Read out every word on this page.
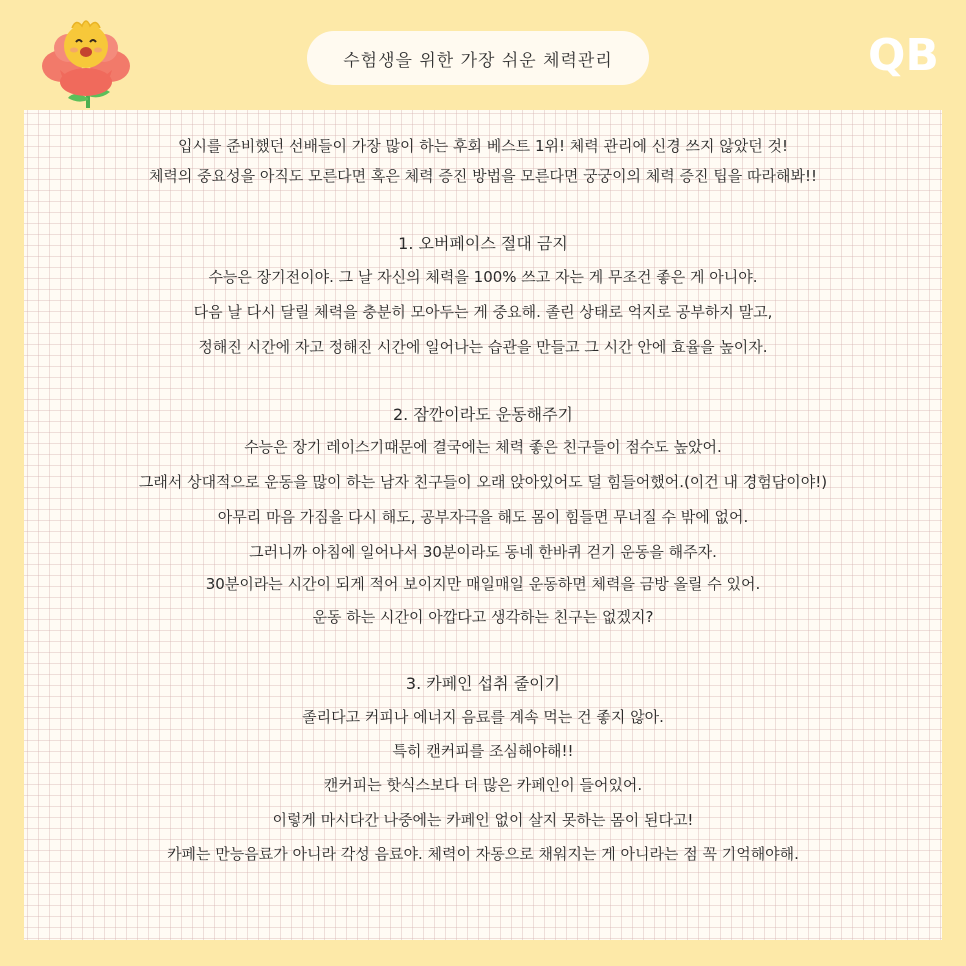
수험생을 위한 가장 쉬운 체력관리	QB
입시를 준비했던 선배들이 가장 많이 하는 후회 베스트 1위! 체력 관리에 신경 쓰지 않았던 것!
체력의 중요성을 아직도 모른다면 혹은 체력 증진 방법을 모른다면 궁궁이의 체력 증진 팁을 따라해봐!!
1. 오버페이스 절대 금지
수능은 장기전이야. 그 날 자신의 체력을 100% 쓰고 자는 게 무조건 좋은 게 아니야.
다음 날 다시 달릴 체력을 충분히 모아두는 게 중요해. 졸린 상태로 억지로 공부하지 말고,
정해진 시간에 자고 정해진 시간에 일어나는 습관을 만들고 그 시간 안에 효율을 높이자.
2. 잠깐이라도 운동해주기
수능은 장기 레이스기때문에 결국에는 체력 좋은 친구들이 점수도 높았어.
그래서 상대적으로 운동을 많이 하는 남자 친구들이 오래 앉아있어도 덜 힘들어했어.(이건 내 경험담이야!)
아무리 마음 가짐을 다시 해도, 공부자극을 해도 몸이 힘들면 무너질 수 밖에 없어.
그러니까 아침에 일어나서 30분이라도 동네 한바퀴 걷기 운동을 해주자.
30분이라는 시간이 되게 적어 보이지만 매일매일 운동하면 체력을 금방 올릴 수 있어.
운동 하는 시간이 아깝다고 생각하는 친구는 없겠지?
3. 카페인 섭취 줄이기
졸리다고 커피나 에너지 음료를 계속 먹는 건 좋지 않아.
특히 캔커피를 조심해야해!!
캔커피는 핫식스보다 더 많은 카페인이 들어있어.
이렇게 마시다간 나중에는 카페인 없이 살지 못하는 몸이 된다고!
카페는 만능음료가 아니라 각성 음료야. 체력이 자동으로 채워지는 게 아니라는 점 꼭 기억해야해.
